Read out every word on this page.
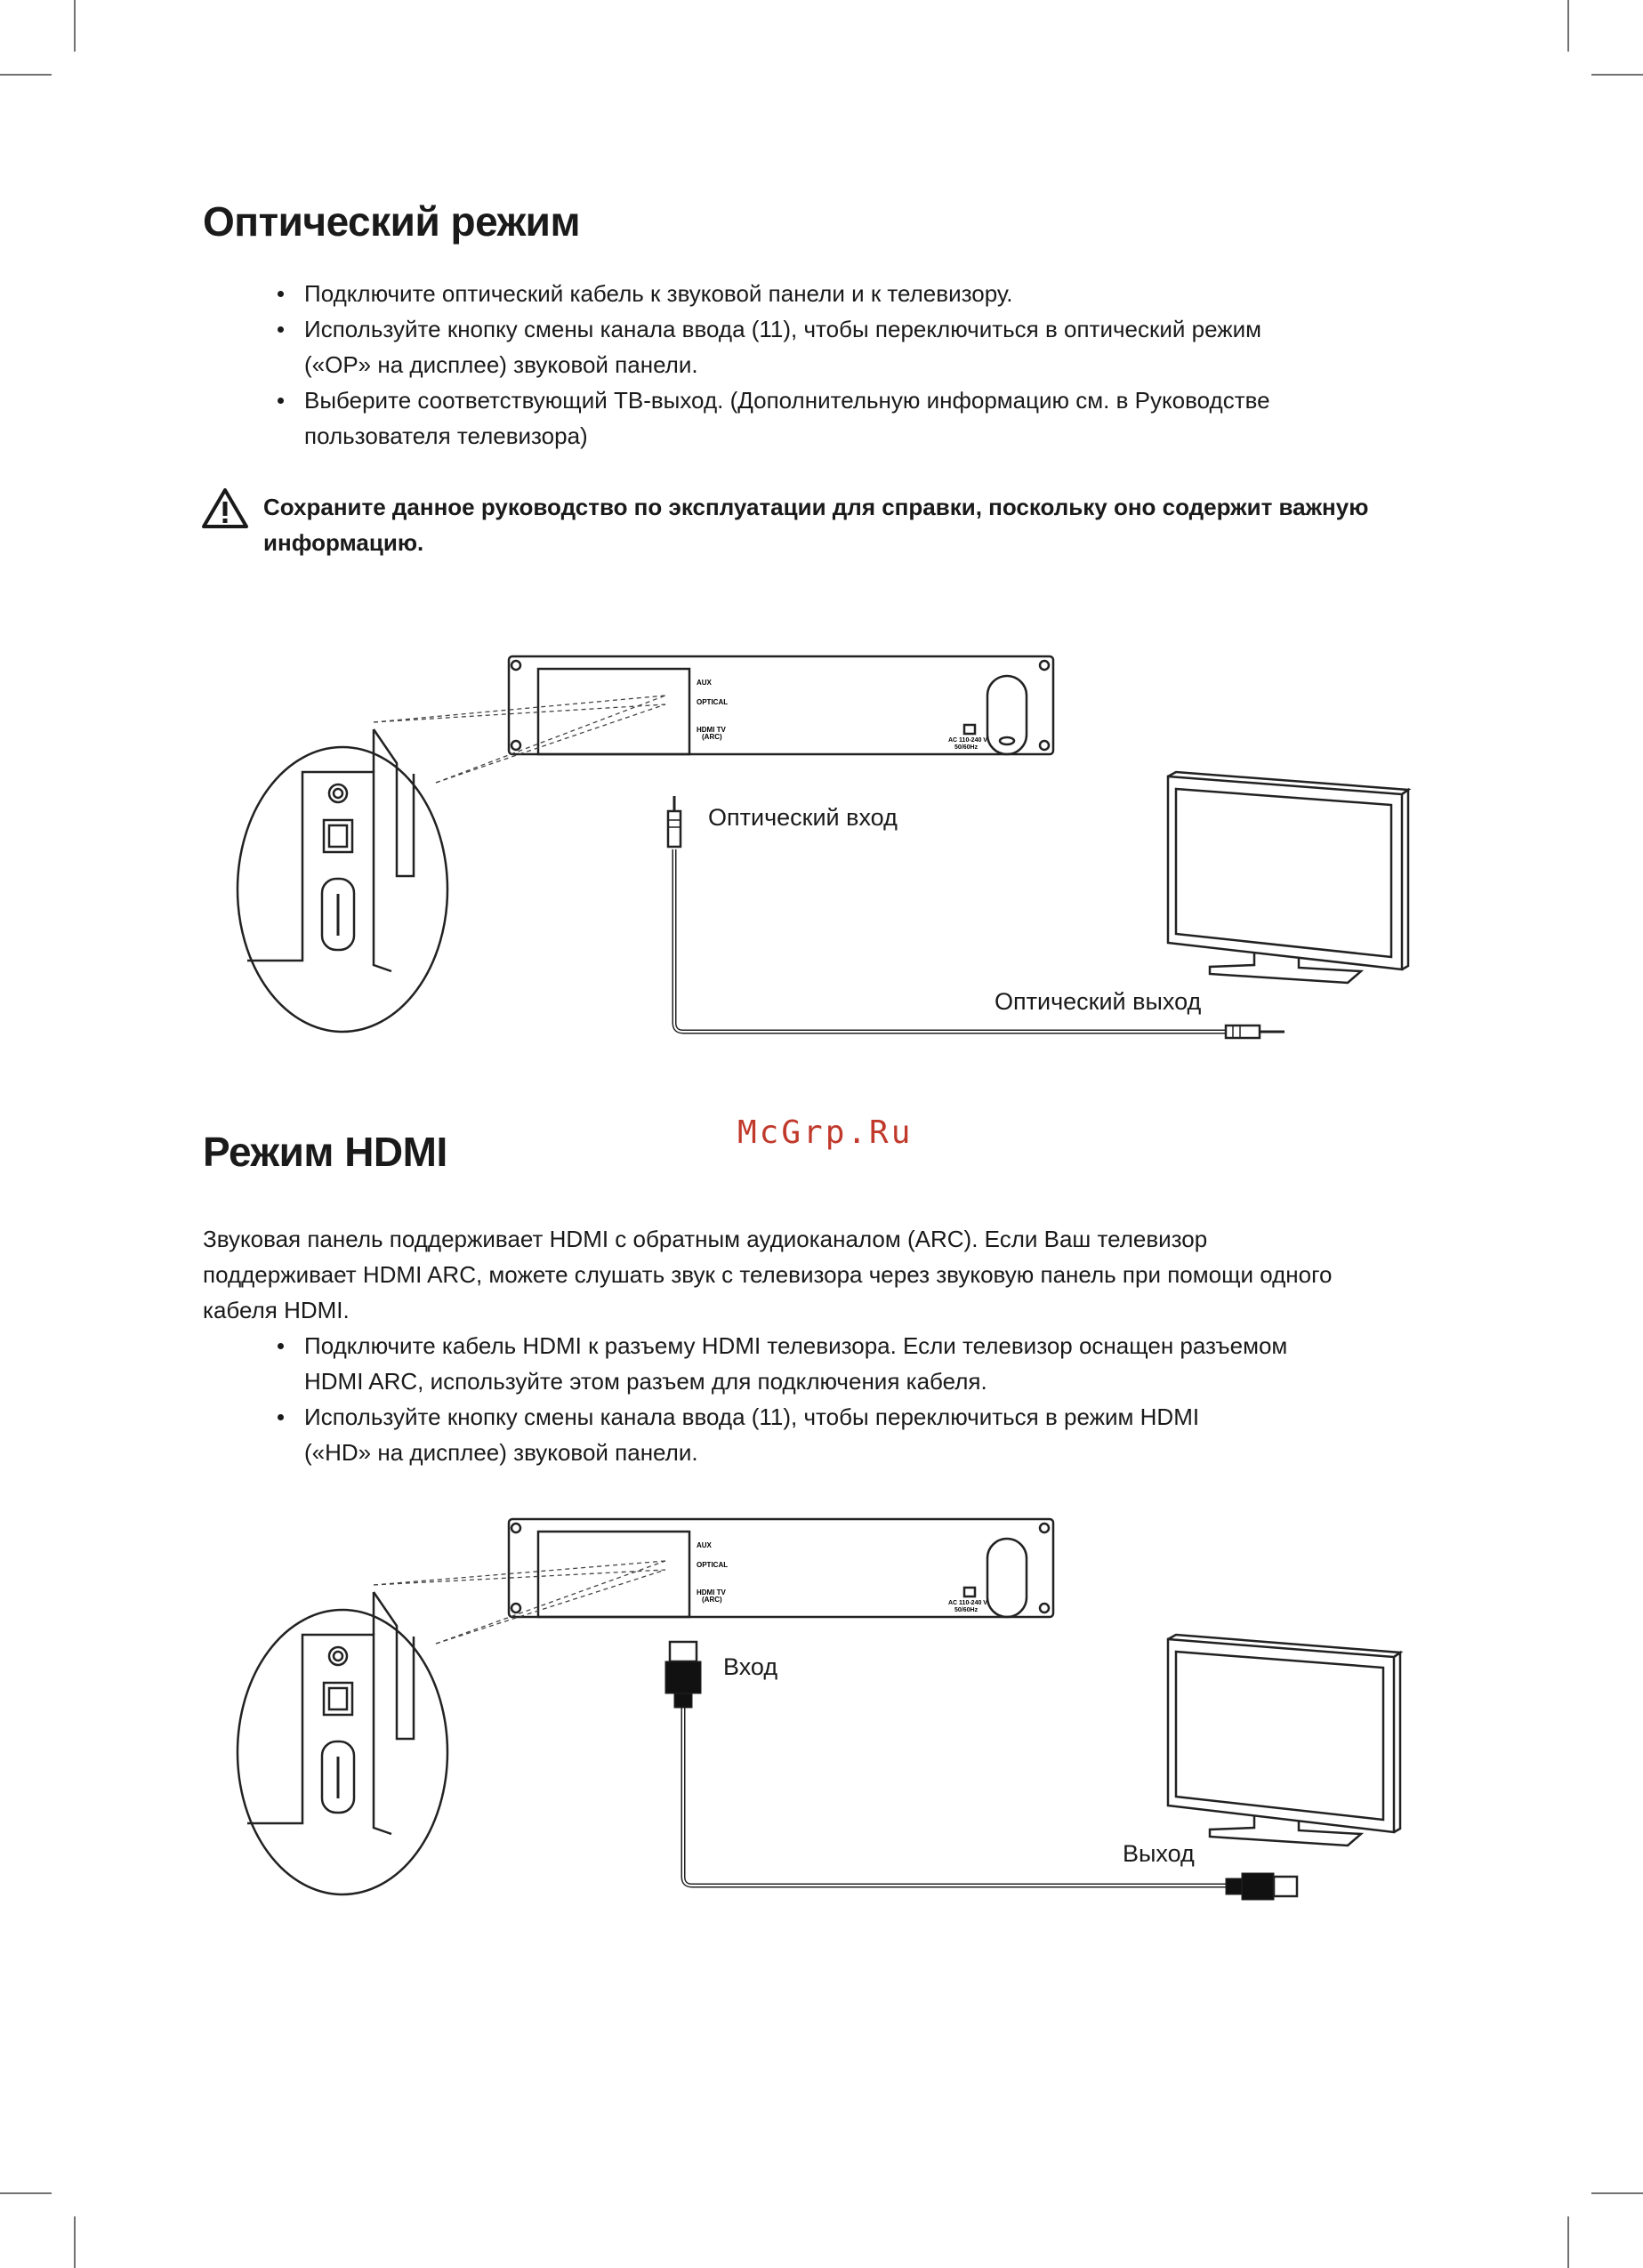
Оптический режим
Подключите оптический кабель к звуковой панели и к телевизору.
Используйте кнопку смены канала ввода (11), чтобы переключиться в оптический режим
(«OP» на дисплее) звуковой панели.
Выберите соответствующий ТВ-выход. (Дополнительную информацию см. в Руководстве
пользователя телевизора)
Сохраните данное руководство по эксплуатации для справки, поскольку оно содержит важную
информацию.
AUX
OPTICAL
HDMI TV
(ARC)	AC 110-240 V
50/60Hz
Оптический вход
Оптический выход
McGrp.Ru
Режим HDMI
Звуковая панель поддерживает HDMI с обратным аудиоканалом (ARC). Если Ваш телевизор
поддерживает HDMI ARC, можете слушать звук с телевизора через звуковую панель при помощи одного
кабеля HDMI.
Подключите кабель HDMI к разъему HDMI телевизора. Если телевизор оснащен разъемом
HDMI ARC, используйте этом разъем для подключения кабеля.
Используйте кнопку смены канала ввода (11), чтобы переключиться в режим HDMI
(«HD» на дисплее) звуковой панели.
AUX
OPTICAL
HDMI TV
(ARC)	AC 110-240 V
50/60Hz
Вход
Выход
